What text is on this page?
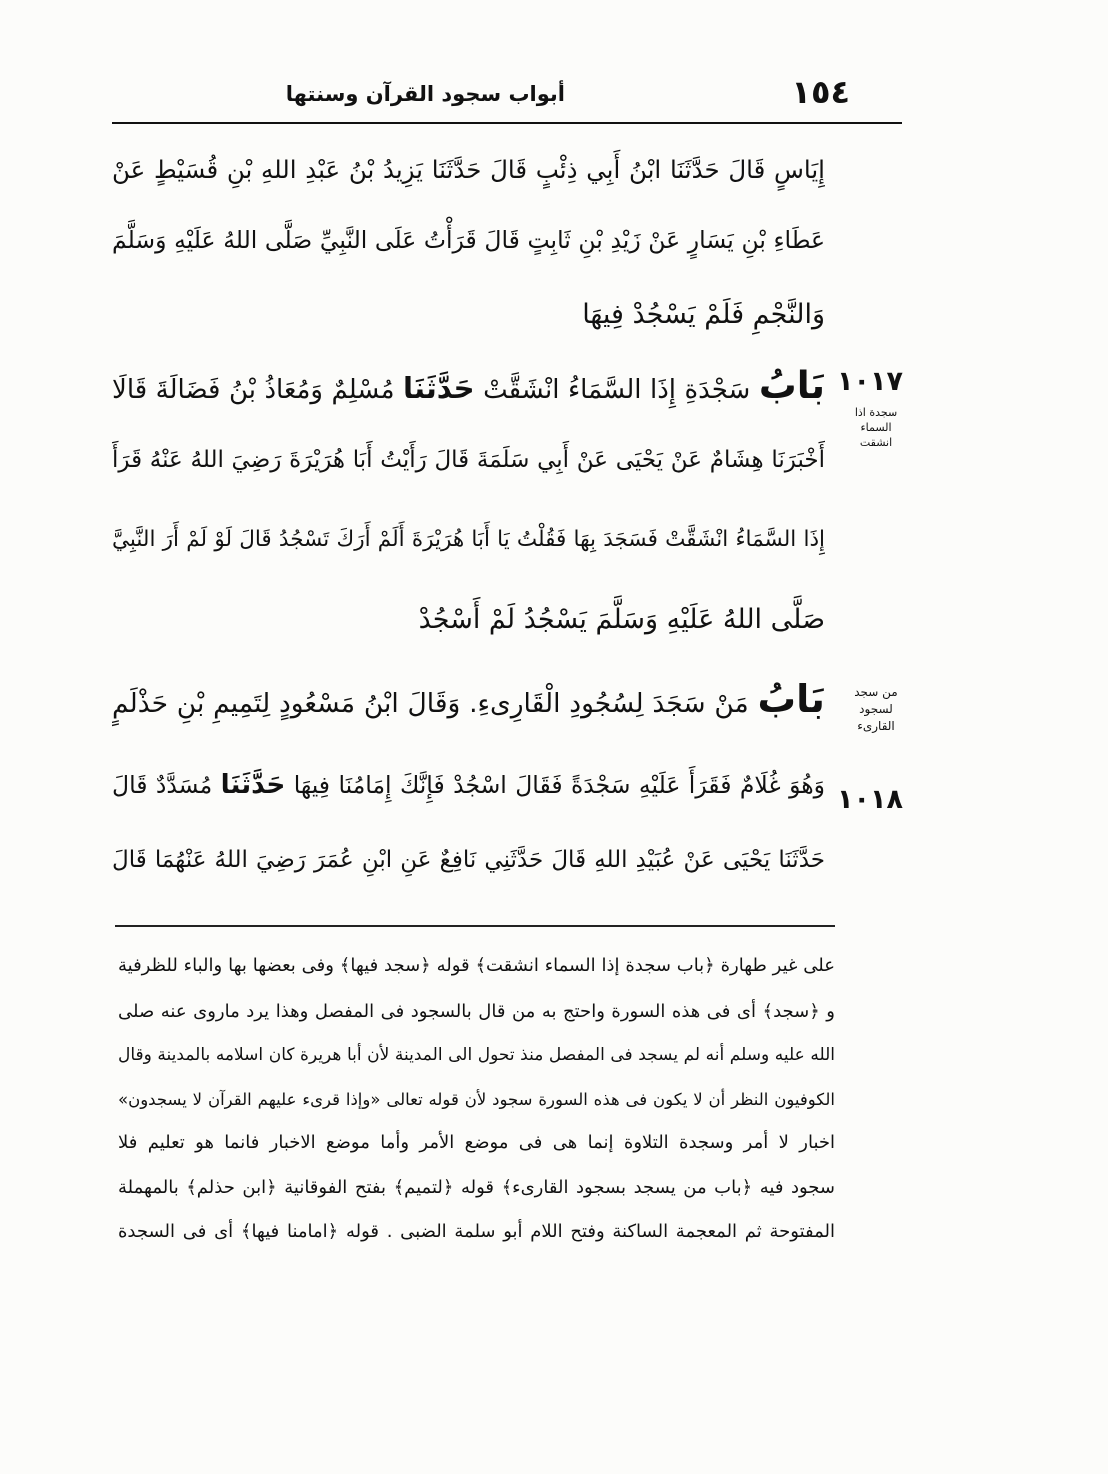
١٥٤
أبواب سجود القرآن وسنتها
إِيَاسٍ قَالَ حَدَّثَنَا ابْنُ أَبِي ذِئْبٍ قَالَ حَدَّثَنَا يَزِيدُ بْنُ عَبْدِ اللهِ بْنِ قُسَيْطٍ عَنْ
عَطَاءِ بْنِ يَسَارٍ عَنْ زَيْدِ بْنِ ثَابِتٍ قَالَ قَرَأْتُ عَلَى النَّبِيِّ صَلَّى اللهُ عَلَيْهِ وَسَلَّمَ
وَالنَّجْمِ فَلَمْ يَسْجُدْ فِيهَا
بَابُ سَجْدَةِ إِذَا السَّمَاءُ انْشَقَّتْ حَدَّثَنَا مُسْلِمٌ وَمُعَاذُ بْنُ فَضَالَةَ قَالَا
أَخْبَرَنَا هِشَامٌ عَنْ يَحْيَى عَنْ أَبِي سَلَمَةَ قَالَ رَأَيْتُ أَبَا هُرَيْرَةَ رَضِيَ اللهُ عَنْهُ قَرَأَ
إِذَا السَّمَاءُ انْشَقَّتْ فَسَجَدَ بِهَا فَقُلْتُ يَا أَبَا هُرَيْرَةَ أَلَمْ أَرَكَ تَسْجُدُ قَالَ لَوْ لَمْ أَرَ النَّبِيَّ
صَلَّى اللهُ عَلَيْهِ وَسَلَّمَ يَسْجُدُ لَمْ أَسْجُدْ
بَابُ مَنْ سَجَدَ لِسُجُودِ الْقَارِىءِ. وَقَالَ ابْنُ مَسْعُودٍ لِتَمِيمِ بْنِ حَذْلَمٍ
وَهُوَ غُلَامٌ فَقَرَأَ عَلَيْهِ سَجْدَةً فَقَالَ اسْجُدْ فَإِنَّكَ إِمَامُنَا فِيهَا حَدَّثَنَا مُسَدَّدٌ قَالَ
حَدَّثَنَا يَحْيَى عَنْ عُبَيْدِ اللهِ قَالَ حَدَّثَنِي نَافِعٌ عَنِ ابْنِ عُمَرَ رَضِيَ اللهُ عَنْهُمَا قَالَ
١٠١٧
سجدة اذا السماء انشقت
من سجد لسجود القارىء
١٠١٨
على غير طهارة ﴿باب سجدة إذا السماء انشقت﴾ قوله ﴿سجد فيها﴾ وفى بعضها بها والباء للظرفية
و ﴿سجد﴾ أى فى هذه السورة واحتج به من قال بالسجود فى المفصل وهذا يرد ماروى عنه صلى
الله عليه وسلم أنه لم يسجد فى المفصل منذ تحول الى المدينة لأن أبا هريرة كان اسلامه بالمدينة وقال
الكوفيون النظر أن لا يكون فى هذه السورة سجود لأن قوله تعالى «وإذا قرىء عليهم القرآن لا يسجدون»
اخبار لا أمر وسجدة التلاوة إنما هى فى موضع الأمر وأما موضع الاخبار فانما هو تعليم فلا
سجود فيه ﴿باب من يسجد بسجود القارىء﴾ قوله ﴿لتميم﴾ بفتح الفوقانية ﴿ابن حذلم﴾ بالمهملة
المفتوحة ثم المعجمة الساكنة وفتح اللام أبو سلمة الضبى . قوله ﴿امامنا فيها﴾ أى فى السجدة
